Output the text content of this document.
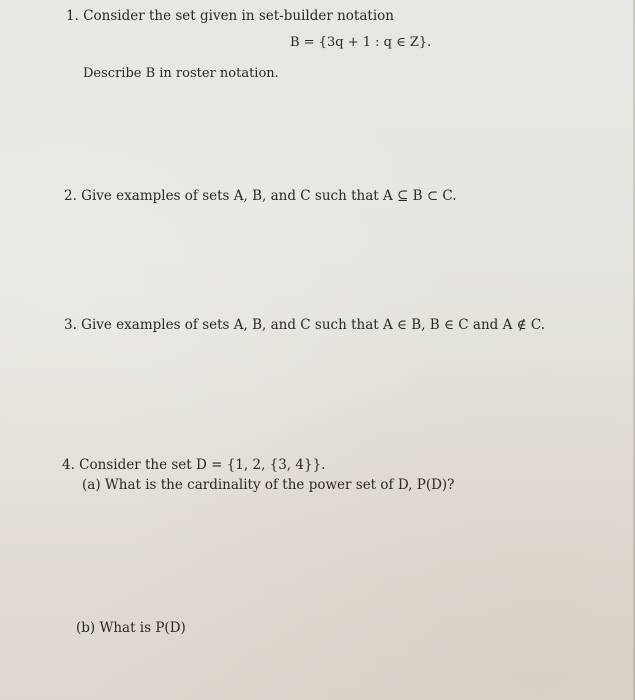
1. Consider the set given in set-builder notation
B = {3q + 1 : q ∈ Z}.
Describe B in roster notation.
2. Give examples of sets A, B, and C such that A ⊆ B ⊂ C.
3. Give examples of sets A, B, and C such that A ∈ B, B ∈ C and A ∉ C.
4. Consider the set D = {1, 2, {3, 4}}.
(a) What is the cardinality of the power set of D, P(D)?
(b) What is P(D)
